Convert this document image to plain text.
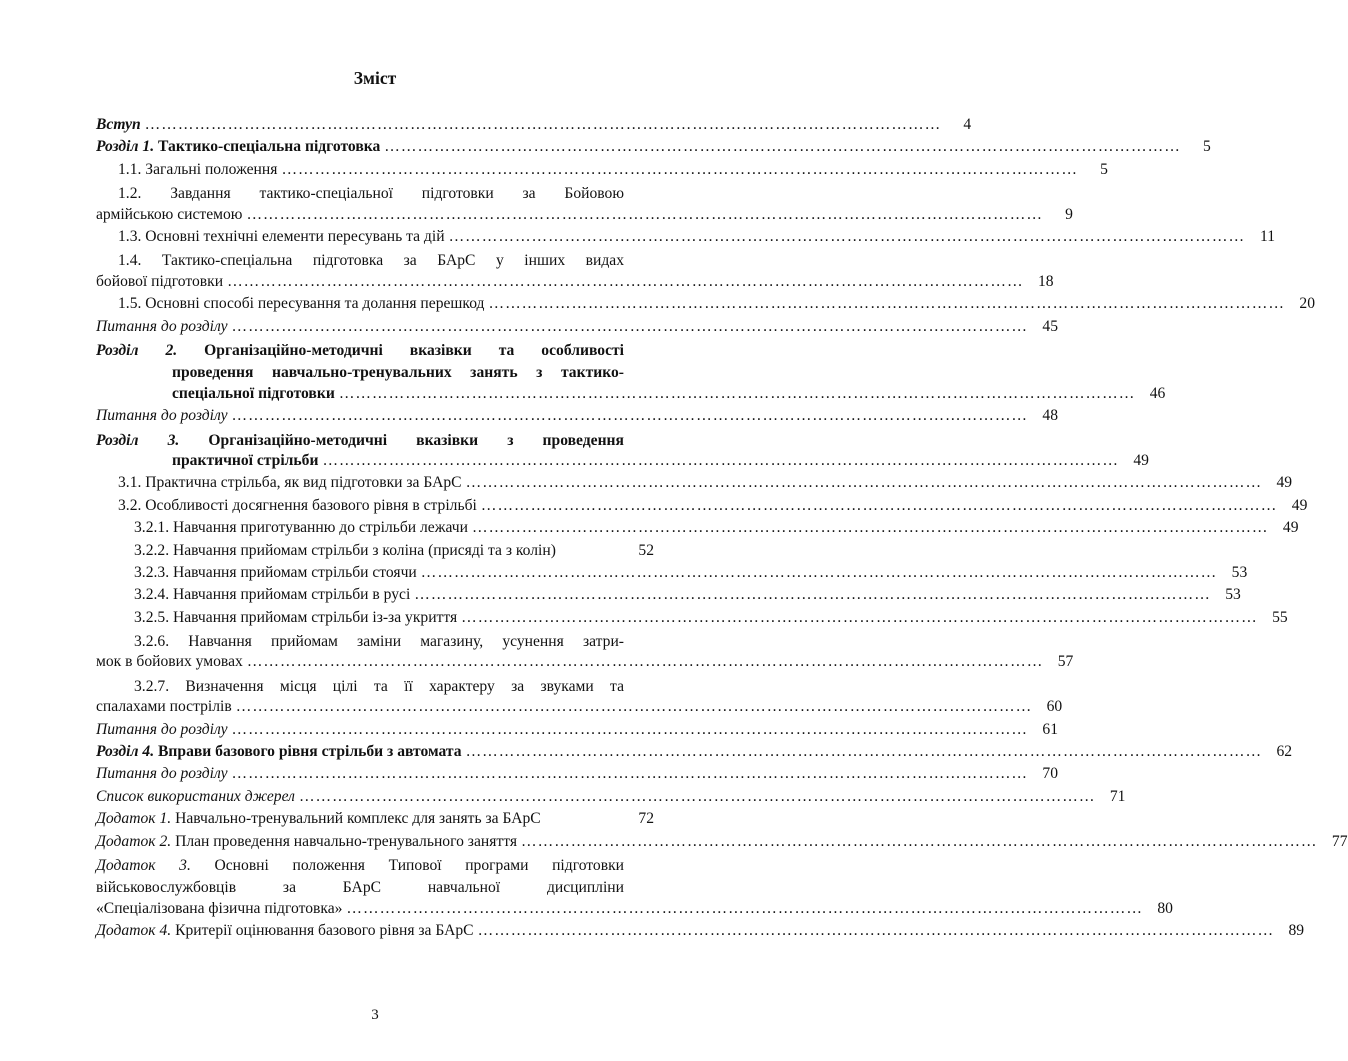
Зміст
Вступ ………………………………………………………………………………………………………………………………	4
Розділ 1. Тактико-спеціальна підготовка ………………………………………………………………………………………………………………………………	5
1.1. Загальні положення ………………………………………………………………………………………………………………………………	5
1.2. Завдання тактико-спеціальної підготовки за Бойовою
армійською системою ………………………………………………………………………………………………………………………………	9
1.3. Основні технічні елементи пересувань та дій ……………………………………………………………………………………………………………………………… 11
1.4. Тактико-спеціальна підготовка за БАрС у інших видах
бойової підготовки ……………………………………………………………………………………………………………………………… 18
1.5. Основні способі пересування та долання перешкод ……………………………………………………………………………………………………………………………… 20
Питання до розділу ……………………………………………………………………………………………………………………………… 45
Розділ 2. Організаційно-методичні вказівки та особливості
проведення навчально-тренувальних занять з тактико-
спеціальної підготовки ……………………………………………………………………………………………………………………………… 46
Питання до розділу ……………………………………………………………………………………………………………………………… 48
Розділ 3. Організаційно-методичні вказівки з проведення
практичної стрільби ……………………………………………………………………………………………………………………………… 49
3.1. Практична стрільба, як вид підготовки за БАрС ……………………………………………………………………………………………………………………………… 49
3.2. Особливості досягнення базового рівня в стрільбі ……………………………………………………………………………………………………………………………… 49
3.2.1. Навчання приготуванню до стрільби лежачи ……………………………………………………………………………………………………………………………… 49
3.2.2. Навчання прийомам стрільби з коліна (присяді та з колін)	52
3.2.3. Навчання прийомам стрільби стоячи ……………………………………………………………………………………………………………………………… 53
3.2.4. Навчання прийомам стрільби в русі ……………………………………………………………………………………………………………………………… 53
3.2.5. Навчання прийомам стрільби із-за укриття ……………………………………………………………………………………………………………………………… 55
3.2.6. Навчання прийомам заміни магазину, усунення затри-
мок в бойових умовах ……………………………………………………………………………………………………………………………… 57
3.2.7. Визначення місця цілі та її характеру за звуками та
спалахами пострілів ……………………………………………………………………………………………………………………………… 60
Питання до розділу ……………………………………………………………………………………………………………………………… 61
Розділ 4. Вправи базового рівня стрільби з автомата ……………………………………………………………………………………………………………………………… 62
Питання до розділу ……………………………………………………………………………………………………………………………… 70
Список використаних джерел ……………………………………………………………………………………………………………………………… 71
Додаток 1. Навчально-тренувальний комплекс для занять за БАрС	72
Додаток 2. План проведення навчально-тренувального заняття ……………………………………………………………………………………………………………………………… 77
Додаток 3. Основні положення Типової програми підготовки
військовослужбовців за БАрС навчальної дисципліни
«Спеціалізована фізична підготовка» ……………………………………………………………………………………………………………………………… 80
Додаток 4. Критерії оцінювання базового рівня за БАрС ……………………………………………………………………………………………………………………………… 89
3
